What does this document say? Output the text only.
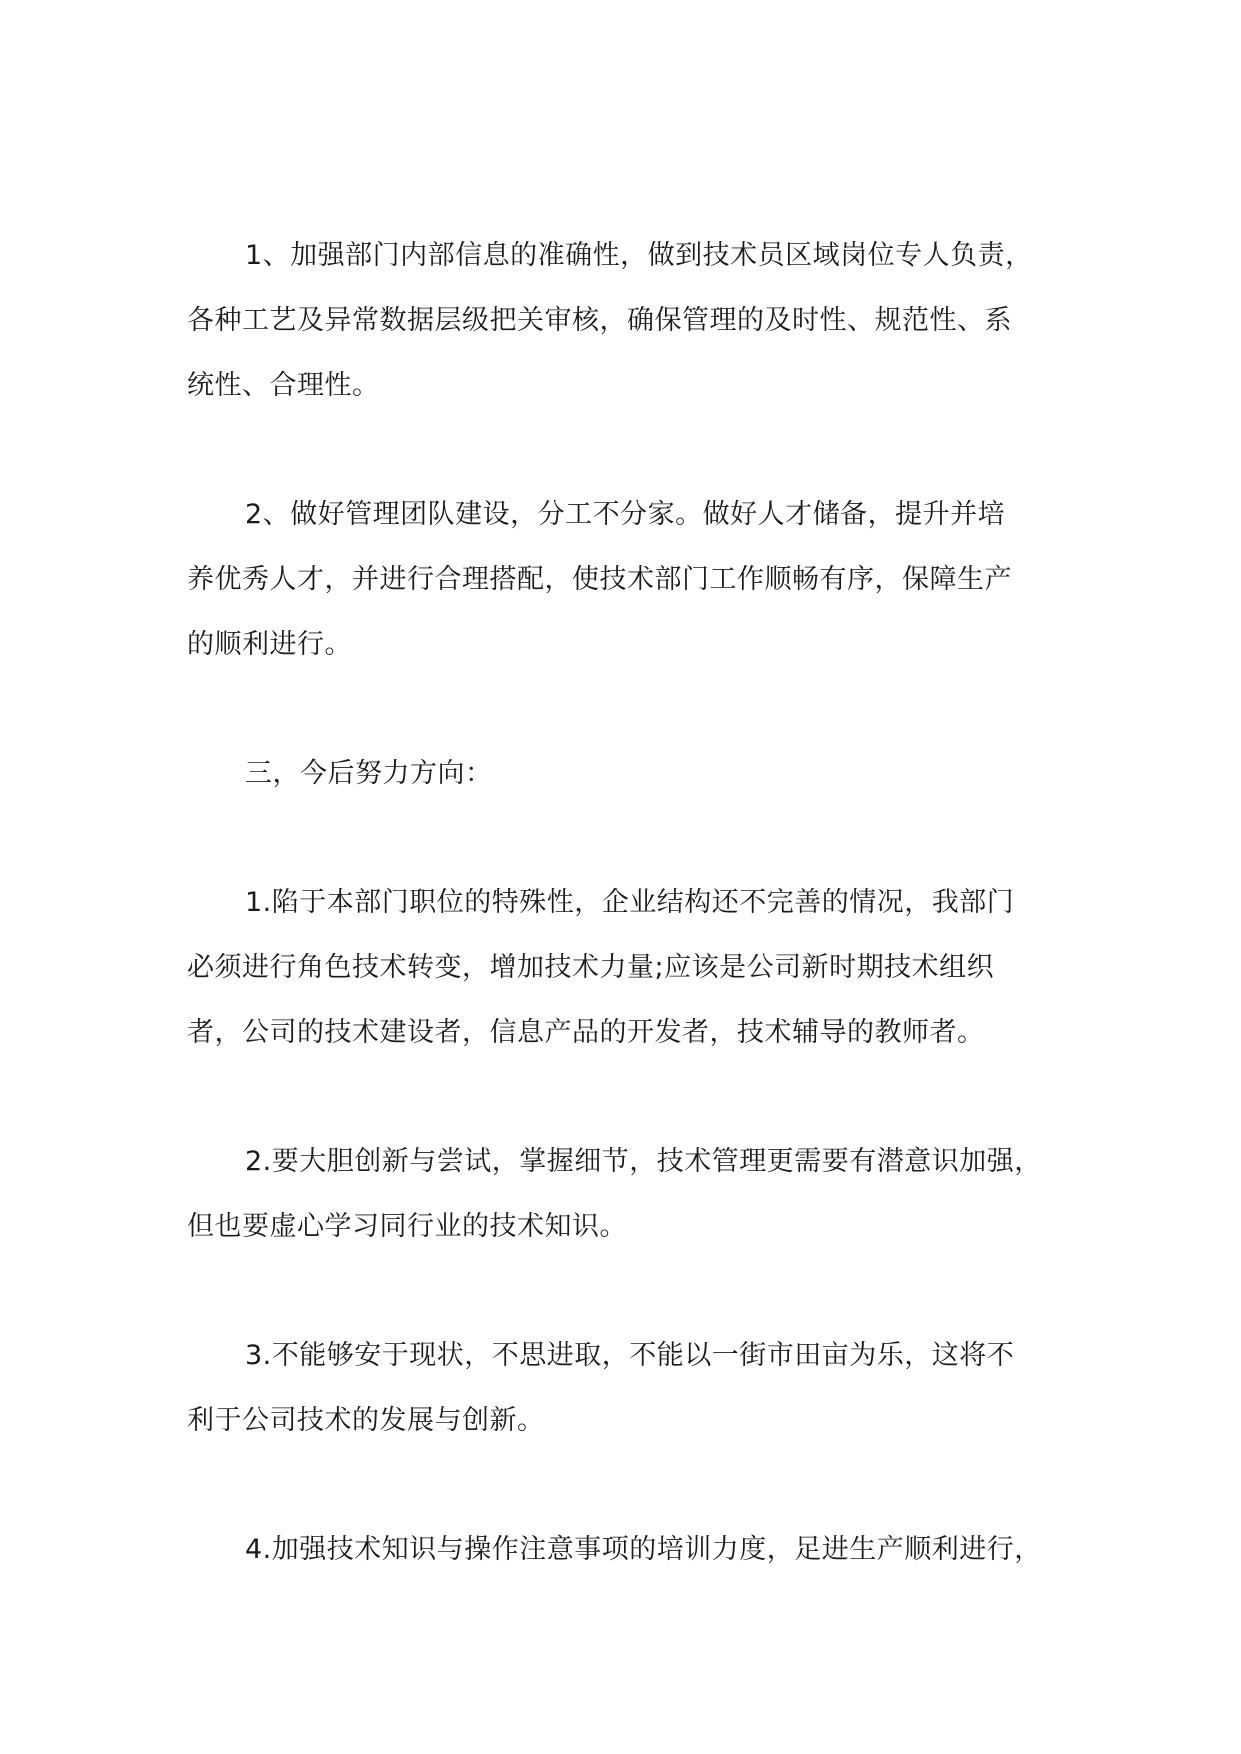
1、加强部门内部信息的准确性，做到技术员区域岗位专人负责，
各种工艺及异常数据层级把关审核，确保管理的及时性、规范性、系
统性、合理性。

2、做好管理团队建设，分工不分家。做好人才储备，提升并培
养优秀人才，并进行合理搭配，使技术部门工作顺畅有序，保障生产
的顺利进行。

三，今后努力方向：

1.陷于本部门职位的特殊性，企业结构还不完善的情况，我部门
必须进行角色技术转变，增加技术力量;应该是公司新时期技术组织
者，公司的技术建设者，信息产品的开发者，技术辅导的教师者。

2.要大胆创新与尝试，掌握细节，技术管理更需要有潜意识加强，
但也要虚心学习同行业的技术知识。

3.不能够安于现状，不思进取，不能以一街市田亩为乐，这将不
利于公司技术的发展与创新。

4.加强技术知识与操作注意事项的培训力度，足进生产顺利进行，
